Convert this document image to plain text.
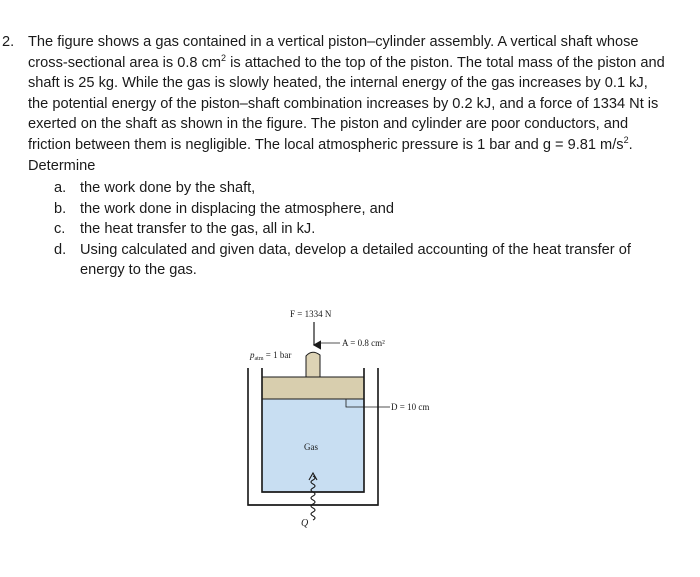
2. The figure shows a gas contained in a vertical piston–cylinder assembly. A vertical shaft whose cross-sectional area is 0.8 $cm^2$ is attached to the top of the piston. The total mass of the piston and shaft is 25 kg. While the gas is slowly heated, the internal energy of the gas increases by 0.1 kJ, the potential energy of the piston–shaft combination increases by 0.2 kJ, and a force of 1334 Nt is exerted on the shaft as shown in the figure. The piston and cylinder are poor conductors, and friction between them is negligible. The local atmospheric pressure is 1 bar and g = 9.81 $m/s^2$. Determine
a. the work done by the shaft,
b. the work done in displacing the atmosphere, and
c. the heat transfer to the gas, all in kJ.
d. Using calculated and given data, develop a detailed accounting of the heat transfer of energy to the gas.
F = 1334 N
A = 0.8 cm²
$p_{atm} = 1$ bar
D = 10 cm
Gas
Q
